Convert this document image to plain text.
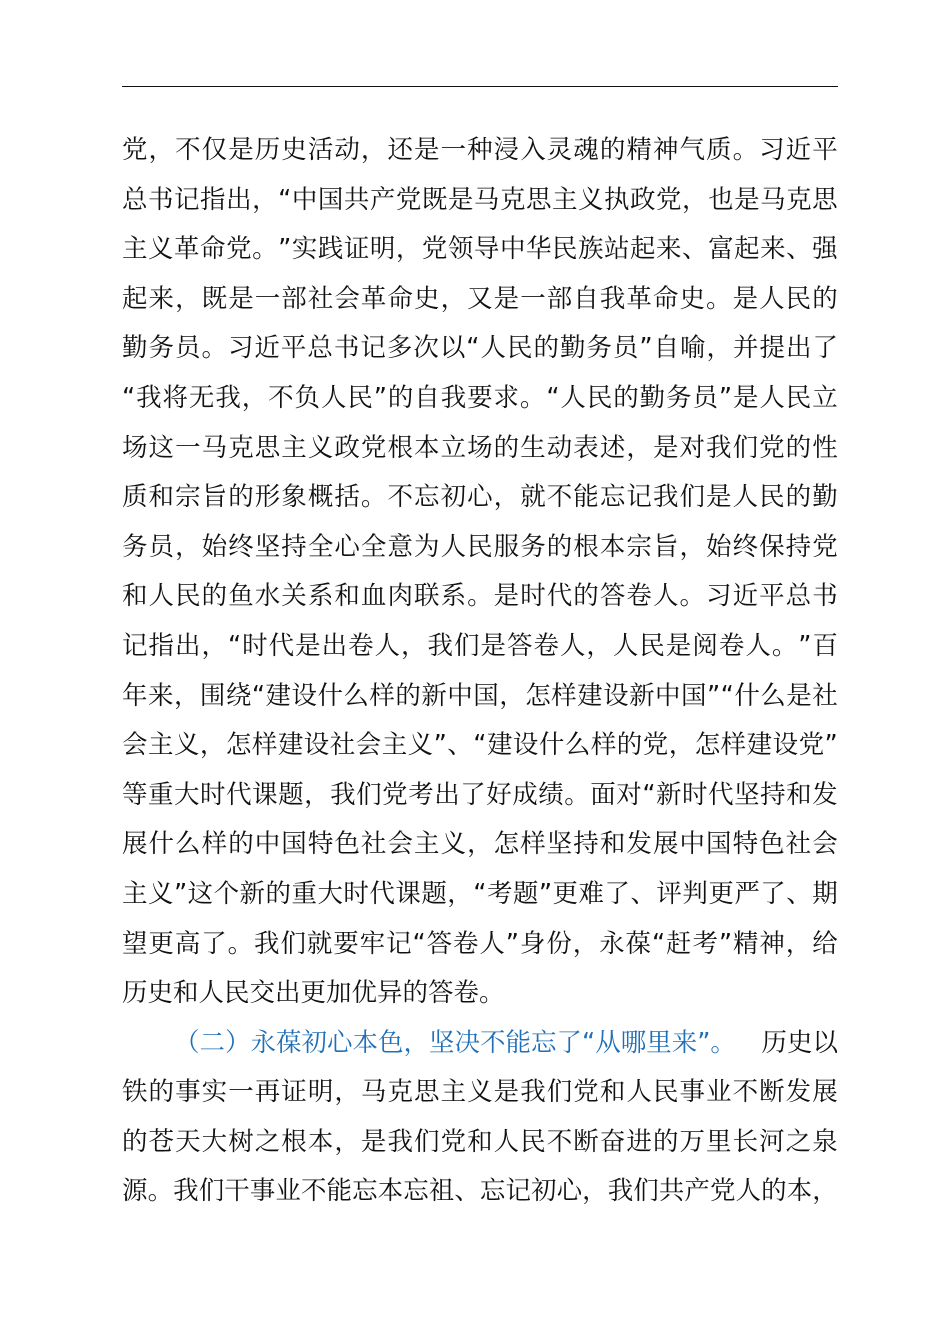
党 ， 不 仅 是 历 史 活 动 ， 还 是 一 种 浸 入 灵 魂 的 精 神 气 质 。 习 近 平
总 书 记 指 出 ， “ 中 国 共 产 党 既 是 马 克 思 主 义 执 政 党 ， 也 是 马 克 思
主 义 革 命 党 。 ” 实 践 证 明 ， 党 领 导 中 华 民 族 站 起 来 、 富 起 来 、 强
起 来 ， 既 是 一 部 社 会 革 命 史 ， 又 是 一 部 自 我 革 命 史 。 是 人 民 的
勤 务 员 。 习 近 平 总 书 记 多 次 以 “ 人 民 的 勤 务 员 ” 自 喻 ， 并 提 出 了
“ 我 将 无 我 ， 不 负 人 民 ” 的 自 我 要 求 。 “ 人 民 的 勤 务 员 ” 是 人 民 立
场 这 一 马 克 思 主 义 政 党 根 本 立 场 的 生 动 表 述 ， 是 对 我 们 党 的 性
质 和 宗 旨 的 形 象 概 括 。 不 忘 初 心 ， 就 不 能 忘 记 我 们 是 人 民 的 勤
务 员 ， 始 终 坚 持 全 心 全 意 为 人 民 服 务 的 根 本 宗 旨 ， 始 终 保 持 党
和 人 民 的 鱼 水 关 系 和 血 肉 联 系 。 是 时 代 的 答 卷 人 。 习 近 平 总 书
记 指 出 ， “ 时 代 是 出 卷 人 ， 我 们 是 答 卷 人 ， 人 民 是 阅 卷 人 。 ” 百
年 来 ， 围 绕 “ 建 设 什 么 样 的 新 中 国 ， 怎 样 建 设 新 中 国 ” “ 什 么 是 社
会 主 义 ， 怎 样 建 设 社 会 主 义 ” 、 “ 建 设 什 么 样 的 党 ， 怎 样 建 设 党 ”
等 重 大 时 代 课 题 ， 我 们 党 考 出 了 好 成 绩 。 面 对 “ 新 时 代 坚 持 和 发
展 什 么 样 的 中 国 特 色 社 会 主 义 ， 怎 样 坚 持 和 发 展 中 国 特 色 社 会
主 义 ” 这 个 新 的 重 大 时 代 课 题 ， “ 考 题 ” 更 难 了 、 评 判 更 严 了 、 期
望 更 高 了 。 我 们 就 要 牢 记 “ 答 卷 人 ” 身 份 ， 永 葆 “ 赶 考 ” 精 神 ， 给
历史和人民交出更加优异的答卷。
（二）永葆初心本色，坚决不能忘了“从哪里来”。 历史以
铁 的 事 实 一 再 证 明 ， 马 克 思 主 义 是 我 们 党 和 人 民 事 业 不 断 发 展
的 苍 天 大 树 之 根 本 ， 是 我 们 党 和 人 民 不 断 奋 进 的 万 里 长 河 之 泉
源 。 我 们 干 事 业 不 能 忘 本 忘 祖 、 忘 记 初 心 ， 我 们 共 产 党 人 的 本 ，
